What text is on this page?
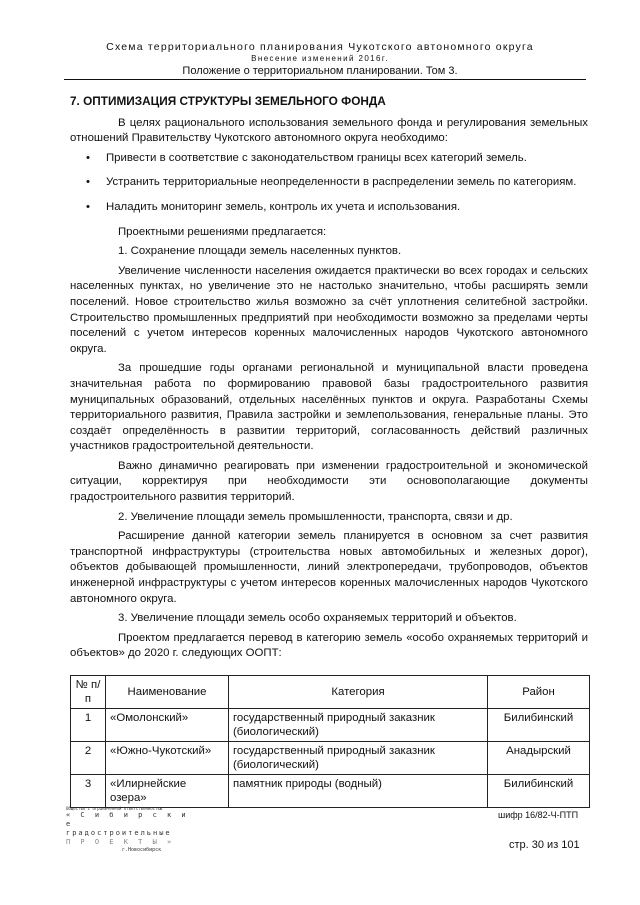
Схема территориального планирования Чукотского автономного округа
Внесение изменений 2016г.
Положение о территориальном планировании. Том 3.
7. ОПТИМИЗАЦИЯ СТРУКТУРЫ ЗЕМЕЛЬНОГО ФОНДА
В целях рационального использования земельного фонда и регулирования земельных отношений Правительству Чукотского автономного округа необходимо:
• Привести в соответствие с законодательством границы всех категорий земель.
• Устранить территориальные неопределенности в распределении земель по категориям.
• Наладить мониторинг земель, контроль их учета и использования.
Проектными решениями предлагается:
1. Сохранение площади земель населенных пунктов.
Увеличение численности населения ожидается практически во всех городах и сельских населенных пунктах, но увеличение это не настолько значительно, чтобы расширять земли поселений. Новое строительство жилья возможно за счёт уплотнения селитебной застройки. Строительство промышленных предприятий при необходимости возможно за пределами черты поселений с учетом интересов коренных малочисленных народов Чукотского автономного округа.
За прошедшие годы органами региональной и муниципальной власти проведена значительная работа по формированию правовой базы градостроительного развития муниципальных образований, отдельных населённых пунктов и округа. Разработаны Схемы территориального развития, Правила застройки и землепользования, генеральные планы. Это создаёт определённость в развитии территорий, согласованность действий различных участников градостроительной деятельности.
Важно динамично реагировать при изменении градостроительной и экономической ситуации, корректируя при необходимости эти основополагающие документы градостроительного развития территорий.
2. Увеличение площади земель промышленности, транспорта, связи и др.
Расширение данной категории земель планируется в основном за счет развития транспортной инфраструктуры (строительства новых автомобильных и железных дорог), объектов добывающей промышленности, линий электропередачи, трубопроводов, объектов инженерной инфраструктуры с учетом интересов коренных малочисленных народов Чукотского автономного округа.
3. Увеличение площади земель особо охраняемых территорий и объектов.
Проектом предлагается перевод в категорию земель «особо охраняемых территорий и объектов» до 2020 г. следующих ООПТ:
№ п/п	Наименование	Категория	Район
1	«Омолонский»	государственный природный заказник (биологический)	Билибинский
2	«Южно-Чукотский»	государственный природный заказник (биологический)	Анадырский
3	«Илирнейские озера»	памятник природы (водный)	Билибинский
Общество с ограниченной ответственностью
« С и б и р с к и е
градостроительные
П Р О Е К Т Ы »
г.Новосибирск
шифр 16/82-Ч-ПТП
стр. 30 из 101
